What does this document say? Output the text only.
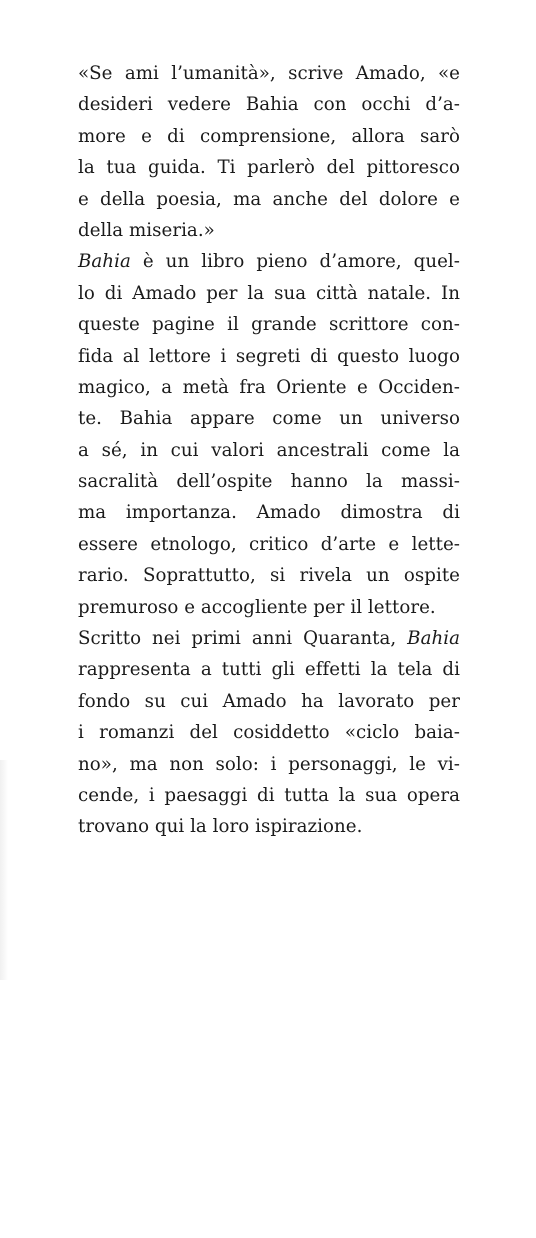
«Se ami l’umanità», scrive Amado, «e
desideri vedere Bahia con occhi d’a-
more e di comprensione, allora sarò
la tua guida. Ti parlerò del pittoresco
e della poesia, ma anche del dolore e
della miseria.»
Bahia è un libro pieno d’amore, quel-
lo di Amado per la sua città natale. In
queste pagine il grande scrittore con-
fida al lettore i segreti di questo luogo
magico, a metà fra Oriente e Occiden-
te. Bahia appare come un universo
a sé, in cui valori ancestrali come la
sacralità dell’ospite hanno la massi-
ma importanza. Amado dimostra di
essere etnologo, critico d’arte e lette-
rario. Soprattutto, si rivela un ospite
premuroso e accogliente per il lettore.
Scritto nei primi anni Quaranta, Bahia
rappresenta a tutti gli effetti la tela di
fondo su cui Amado ha lavorato per
i romanzi del cosiddetto «ciclo baia-
no», ma non solo: i personaggi, le vi-
cende, i paesaggi di tutta la sua opera
trovano qui la loro ispirazione.
